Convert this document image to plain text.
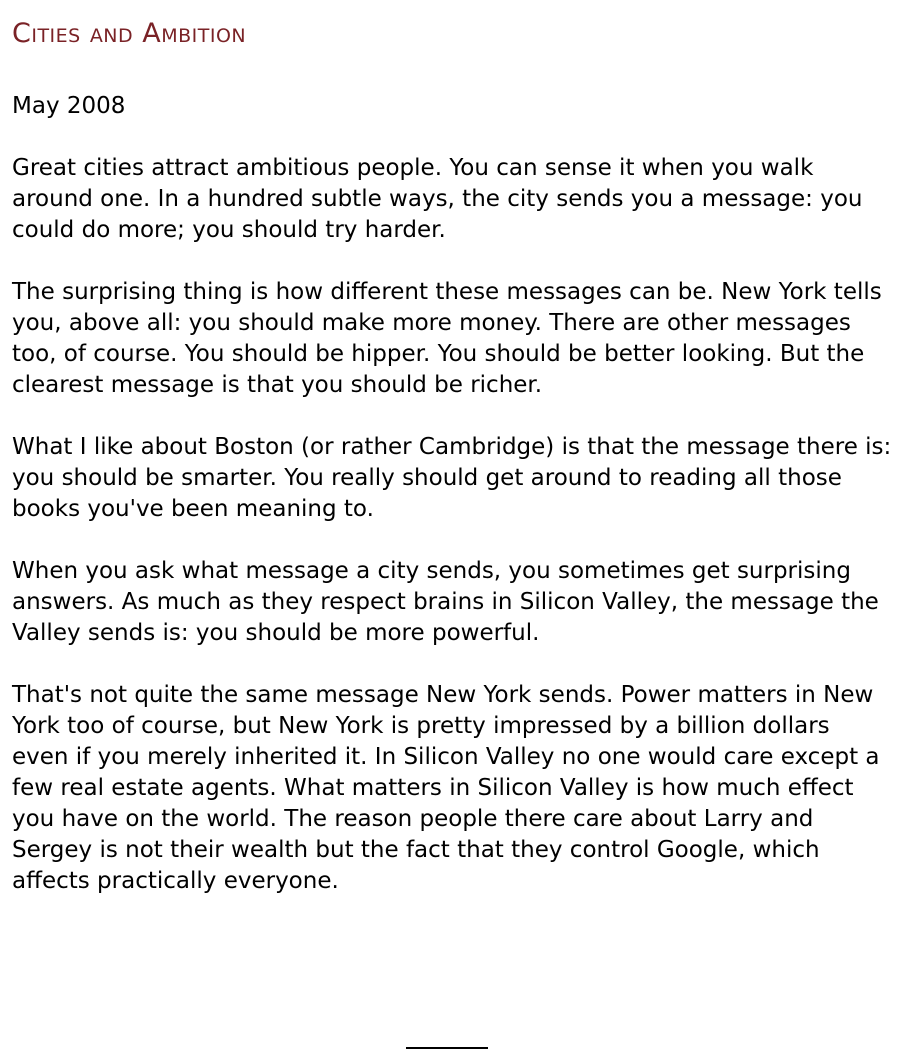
Cities and Ambition

May 2008

Great cities attract ambitious people. You can sense it when you walk around one. In a hundred subtle ways, the city sends you a message: you could do more; you should try harder.

The surprising thing is how different these messages can be. New York tells you, above all: you should make more money. There are other messages too, of course. You should be hipper. You should be better looking. But the clearest message is that you should be richer.

What I like about Boston (or rather Cambridge) is that the message there is: you should be smarter. You really should get around to reading all those books you've been meaning to.

When you ask what message a city sends, you sometimes get surprising answers. As much as they respect brains in Silicon Valley, the message the Valley sends is: you should be more powerful.

That's not quite the same message New York sends. Power matters in New York too of course, but New York is pretty impressed by a billion dollars even if you merely inherited it. In Silicon Valley no one would care except a few real estate agents. What matters in Silicon Valley is how much effect you have on the world. The reason people there care about Larry and Sergey is not their wealth but the fact that they control Google, which affects practically everyone.
